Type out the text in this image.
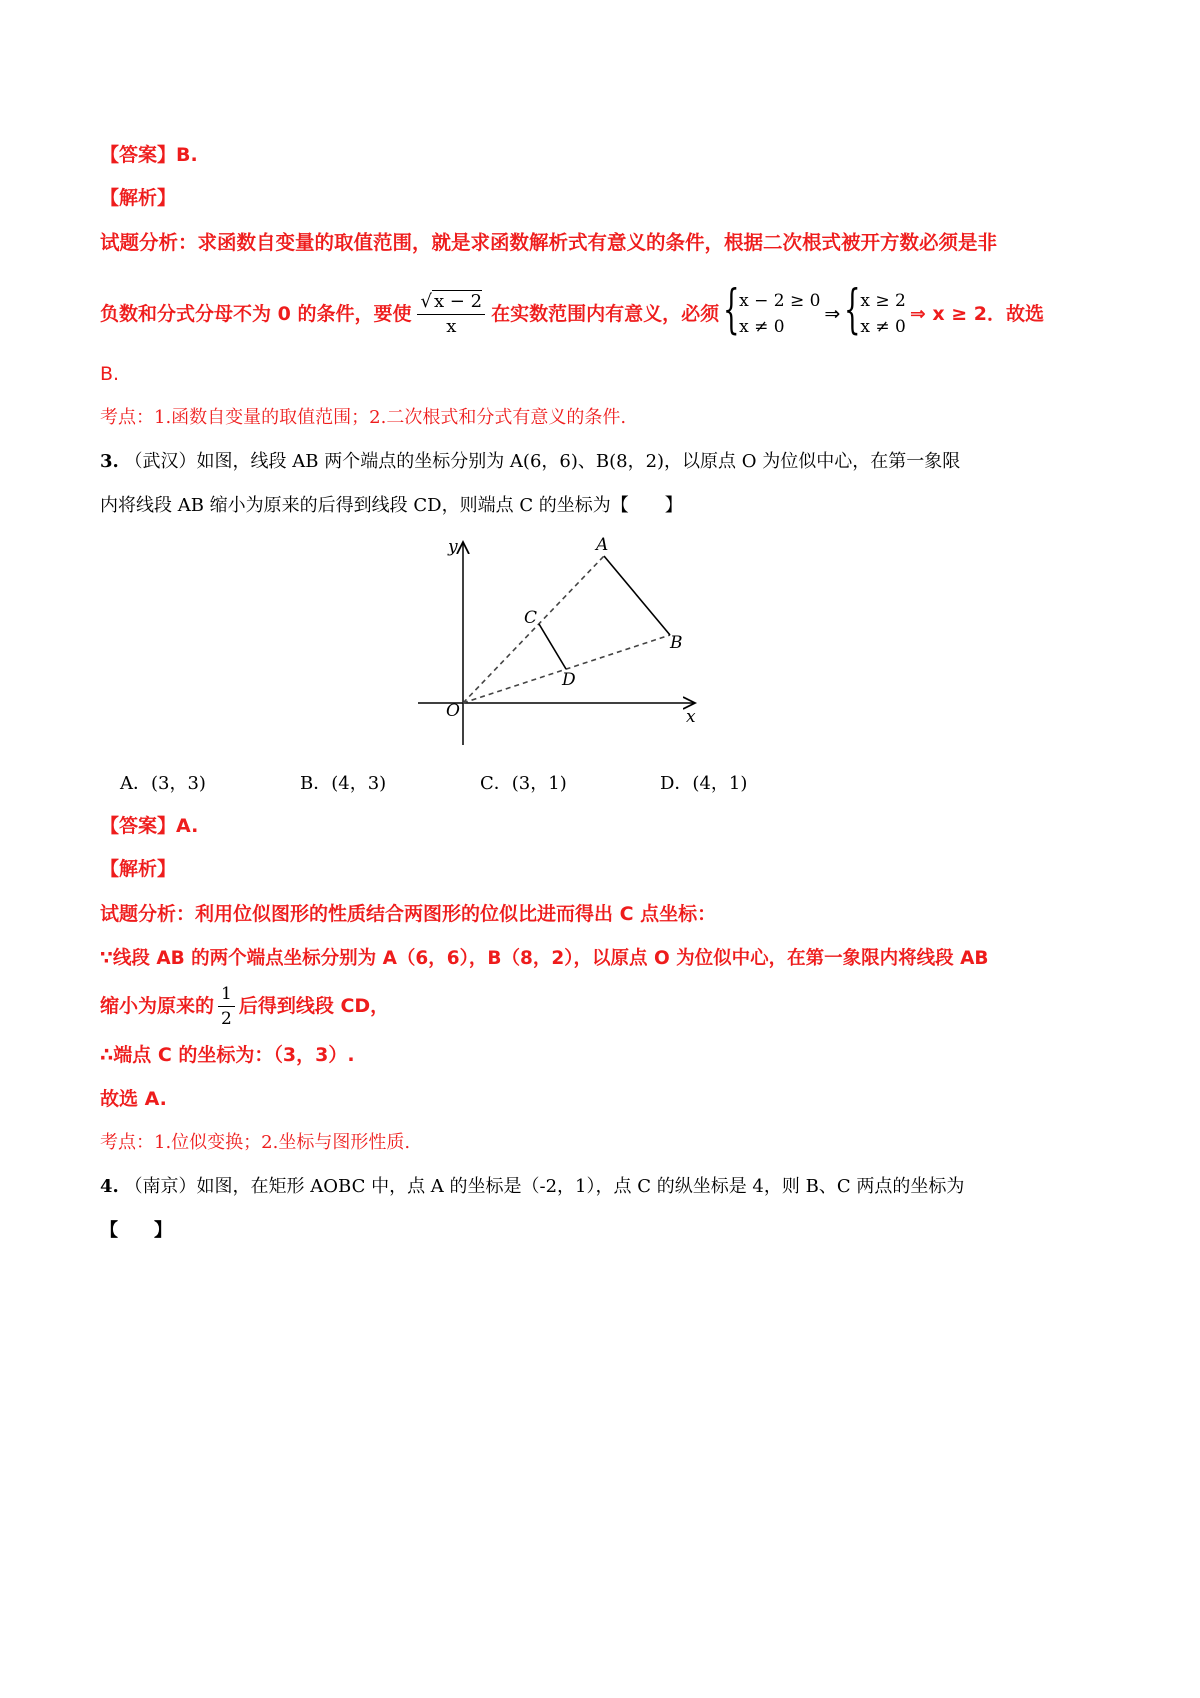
【答案】B.
【解析】
试题分析：求函数自变量的取值范围，就是求函数解析式有意义的条件，根据二次根式被开方数必须是非
负数和分式分母不为 0 的条件，要使 $\frac{√ x - 2}{x}$ 在实数范围内有意义，必须 { x − 2 ≥ 0
x ≠ 0
⇒ { x ≥ 2
x ≠ 0
⇒ x ≥ 2．故选
B.
考点：1.函数自变量的取值范围；2.二次根式和分式有意义的条件.
3. （武汉）如图，线段 AB 两个端点的坐标分别为 A(6，6)、B(8，2)，以原点 O 为位似中心，在第一象限
内将线段 AB 缩小为原来的后得到线段 CD，则端点 C 的坐标为【　　】
y
x
O
A
B
C
D
A．(3，3)	B．(4，3)	C．(3，1)	D．(4，1)
【答案】A.
【解析】
试题分析：利用位似图形的性质结合两图形的位似比进而得出 C 点坐标：
∵线段 AB 的两个端点坐标分别为 A（6，6），B（8，2），以原点 O 为位似中心，在第一象限内将线段 AB
缩小为原来的 $\frac{1}{2}$ 后得到线段 CD，
∴端点 C 的坐标为：（3，3）.
故选 A.
考点：1.位似变换；2.坐标与图形性质.
4. （南京）如图，在矩形 AOBC 中，点 A 的坐标是（-2，1），点 C 的纵坐标是 4，则 B、C 两点的坐标为
【　　】
